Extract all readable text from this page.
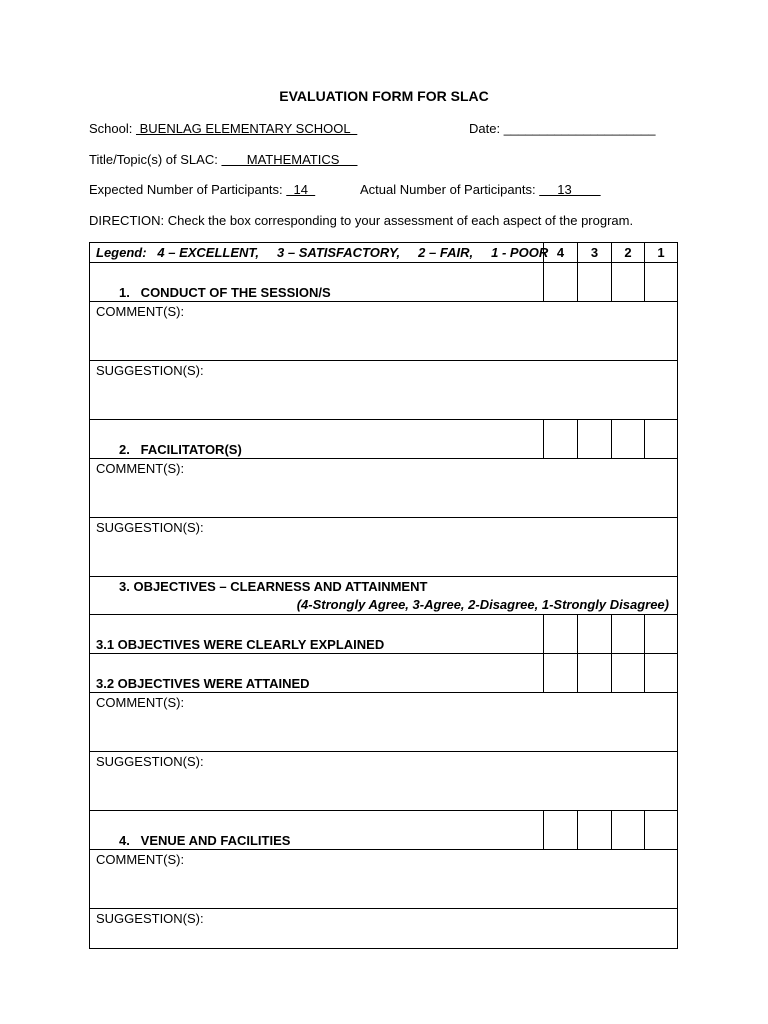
EVALUATION FORM FOR SLAC
School:  BUENLAG ELEMENTARY SCHOOL	Date: _____________________
Title/Topic(s) of SLAC:        MATHEMATICS
Expected Number of Participants:   14	Actual Number of Participants:      13
DIRECTION: Check the box corresponding to your assessment of each aspect of the program.
Legend:   4 – EXCELLENT,     3 – SATISFACTORY,     2 – FAIR,     1 - POOR	4	3	2	1
1.   CONDUCT OF THE SESSION/S				
COMMENT(S):				
SUGGESTION(S):				
2.   FACILITATOR(S)				
COMMENT(S):				
SUGGESTION(S):				

3. OBJECTIVES – CLEARNESS AND ATTAINMENT
(4-Strongly Agree, 3-Agree, 2-Disagree, 1-Strongly Disagree)				

3.1 OBJECTIVES WERE CLEARLY EXPLAINED				
3.2 OBJECTIVES WERE ATTAINED				
COMMENT(S):				
SUGGESTION(S):				
4.   VENUE AND FACILITIES				
COMMENT(S):				
SUGGESTION(S):				
